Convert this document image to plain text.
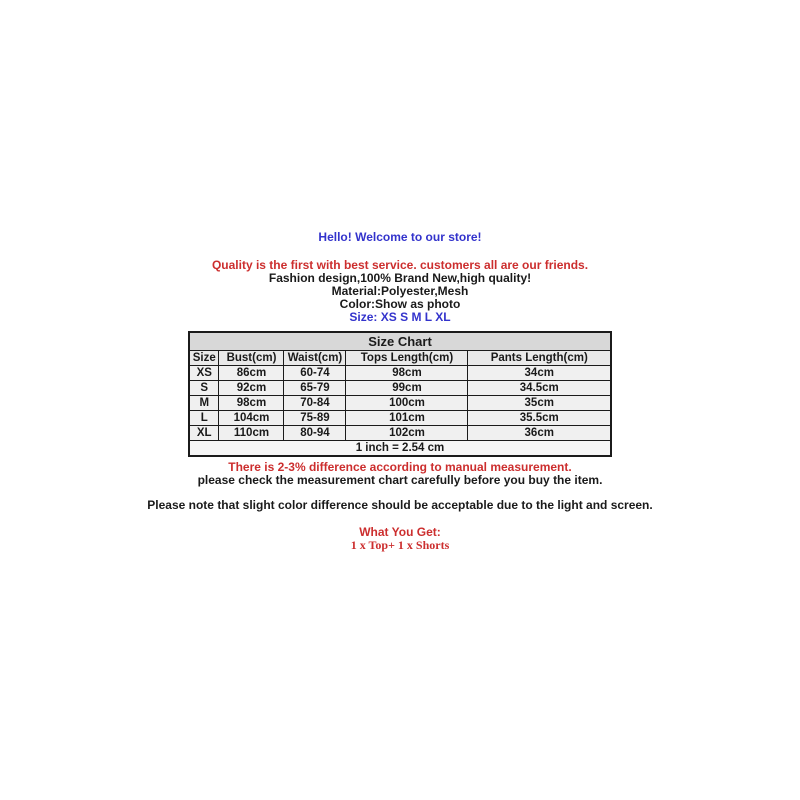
Hello! Welcome to our store!

Quality is the first with best service. customers all are our friends.

Fashion design,100% Brand New,high quality!

Material:Polyester,Mesh

Color:Show as photo

Size: XS S M L XL

Size Chart				
Size	Bust(cm)	Waist(cm)	Tops Length(cm)	Pants Length(cm)
XS	86cm	60-74	98cm	34cm
S	92cm	65-79	99cm	34.5cm
M	98cm	70-84	100cm	35cm
L	104cm	75-89	101cm	35.5cm
XL	110cm	80-94	102cm	36cm
1 inch = 2.54 cm				

There is 2-3% difference according to manual measurement.

please check the measurement chart carefully before you buy the item.

Please note that slight color difference should be acceptable due to the light and screen.

What You Get:

1 x Top+ 1 x Shorts
